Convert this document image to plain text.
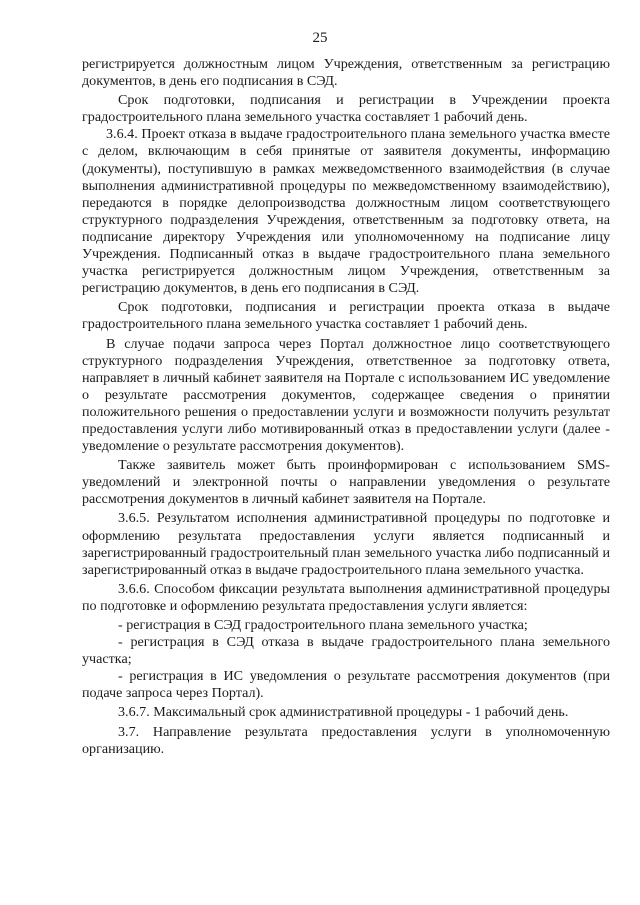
25

регистрируется должностным лицом Учреждения, ответственным за регистрацию документов, в день его подписания в СЭД.

Срок подготовки, подписания и регистрации в Учреждении проекта градостроительного плана земельного участка составляет 1 рабочий день.

3.6.4. Проект отказа в выдаче градостроительного плана земельного участка вместе с делом, включающим в себя принятые от заявителя документы, информацию (документы), поступившую в рамках межведомственного взаимодействия (в случае выполнения административной процедуры по межведомственному взаимодействию), передаются в порядке делопроизводства должностным лицом соответствующего структурного подразделения Учреждения, ответственным за подготовку ответа, на подписание директору Учреждения или уполномоченному на подписание лицу Учреждения. Подписанный отказ в выдаче градостроительного плана земельного участка регистрируется должностным лицом Учреждения, ответственным за регистрацию документов, в день его подписания в СЭД.

Срок подготовки, подписания и регистрации проекта отказа в выдаче градостроительного плана земельного участка составляет 1 рабочий день.

В случае подачи запроса через Портал должностное лицо соответствующего структурного подразделения Учреждения, ответственное за подготовку ответа, направляет в личный кабинет заявителя на Портале с использованием ИС уведомление о результате рассмотрения документов, содержащее сведения о принятии положительного решения о предоставлении услуги и возможности получить результат предоставления услуги либо мотивированный отказ в предоставлении услуги (далее - уведомление о результате рассмотрения документов).

Также заявитель может быть проинформирован с использованием SMS-уведомлений и электронной почты о направлении уведомления о результате рассмотрения документов в личный кабинет заявителя на Портале.

3.6.5. Результатом исполнения административной процедуры по подготовке и оформлению результата предоставления услуги является подписанный и зарегистрированный градостроительный план земельного участка либо подписанный и зарегистрированный отказ в выдаче градостроительного плана земельного участка.

3.6.6. Способом фиксации результата выполнения административной процедуры по подготовке и оформлению результата предоставления услуги является:

- регистрация в СЭД градостроительного плана земельного участка;

- регистрация в СЭД отказа в выдаче градостроительного плана земельного участка;

- регистрация в ИС уведомления о результате рассмотрения документов (при подаче запроса через Портал).

3.6.7. Максимальный срок административной процедуры - 1 рабочий день.

3.7. Направление результата предоставления услуги в уполномоченную организацию.
